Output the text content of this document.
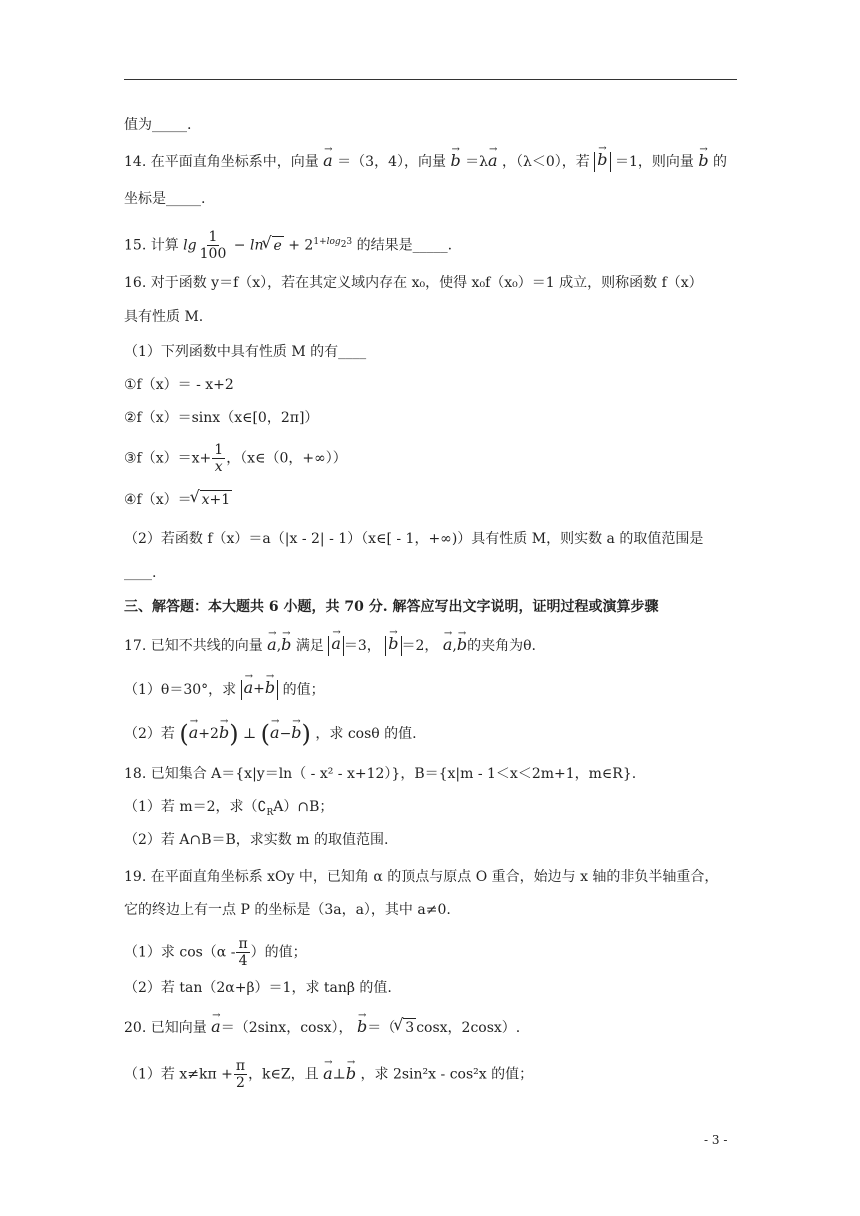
值为_____.
14. 在平面直角坐标系中，向量 → a ＝（3，4），向量 → b ＝λ→ a ，（λ＜0），若 → b ＝1，则向量 → b 的
坐标是_____.
15. 计算 $\lg \frac{1}{100} - \ln√$ $e + 2^{1+log_23}$ 的结果是_____.
16. 对于函数 y＝f（x），若在其定义域内存在 x₀，使得 x₀f（x₀）＝1 成立，则称函数 f（x）
具有性质 M.
（1）下列函数中具有性质 M 的有____
①f（x）＝ - x+2
②f（x）＝sinx（x∈[0，2π]）
③f（x）＝x+ $\frac{1}{x}$ ，（x∈（0，+∞））
④f（x）＝√ x+1
（2）若函数 f（x）＝a（|x - 2| - 1）（x∈[ - 1，+∞)）具有性质 M，则实数 a 的取值范围是
____.
三、解答题：本大题共 6 小题，共 70 分. 解答应写出文字说明，证明过程或演算步骤
17. 已知不共线的向量 → a,→ b 满足 → a ＝3， → b ＝2， → a,→ b的夹角为θ.
（1）θ＝30°，求 → a+→ b 的值；
（2）若 (→ a+2→ b) ⊥ (→ a−→ b) ，求 cosθ 的值.
18. 已知集合 A＝{x|y＝ln（ - x² - x+12）}，B＝{x|m - 1＜x＜2m+1，m∈R}.
（1）若 m＝2，求$(∁_RA)\cap B$；
（2）若 A∩B＝B，求实数 m 的取值范围.
19. 在平面直角坐标系 xOy 中，已知角 α 的顶点与原点 O 重合，始边与 x 轴的非负半轴重合，
它的终边上有一点 P 的坐标是（3a，a），其中 a≠0.
（1）求 $\cos(\alpha - \frac{\pi}{4}$ ）的值；
（2）若 tan（2α+β）＝1，求 tanβ 的值.
20. 已知向量 → a＝（2sinx，cosx）， → b＝（√ 3 cosx，2cosx）.
（1）若 $x\ne k\pi + \frac{\pi}{2}$ ，k∈Z，且 → a⊥→ b ，求 2sin²x - cos²x 的值；
- 3 -
